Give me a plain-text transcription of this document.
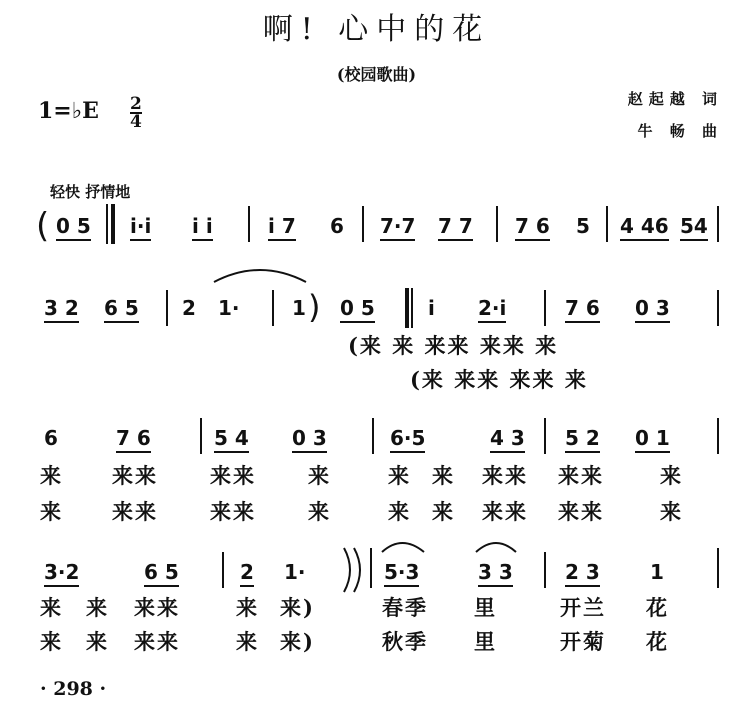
啊! 心中的花
(校园歌曲)
1=♭E 2
4
赵起越 词
牛 畅 曲
轻快 抒情地
( 0 5 i·i i i	i 7 6 7·7 7 7 7 6 5 4 46 54
3 2 6 5 2 1·	1 ) 0 5	i 2·i	7 6 0 3
(来 来 来来 来来 来
(来 来来 来来 来
6	7 6	5 4 0 3	6·5	4 3 5 2 0 1
来 来来 来来 来	来 来 来来 来来	来
来 来来 来来 来	来 来 来来 来来	来
3·2	6 5	2 1·	5·3	3 3	2 3	1
来 来 来来	来 来)	春季 里	开兰 花
来 来 来来	来 来)	秋季 里	开菊 花
· 298 ·
